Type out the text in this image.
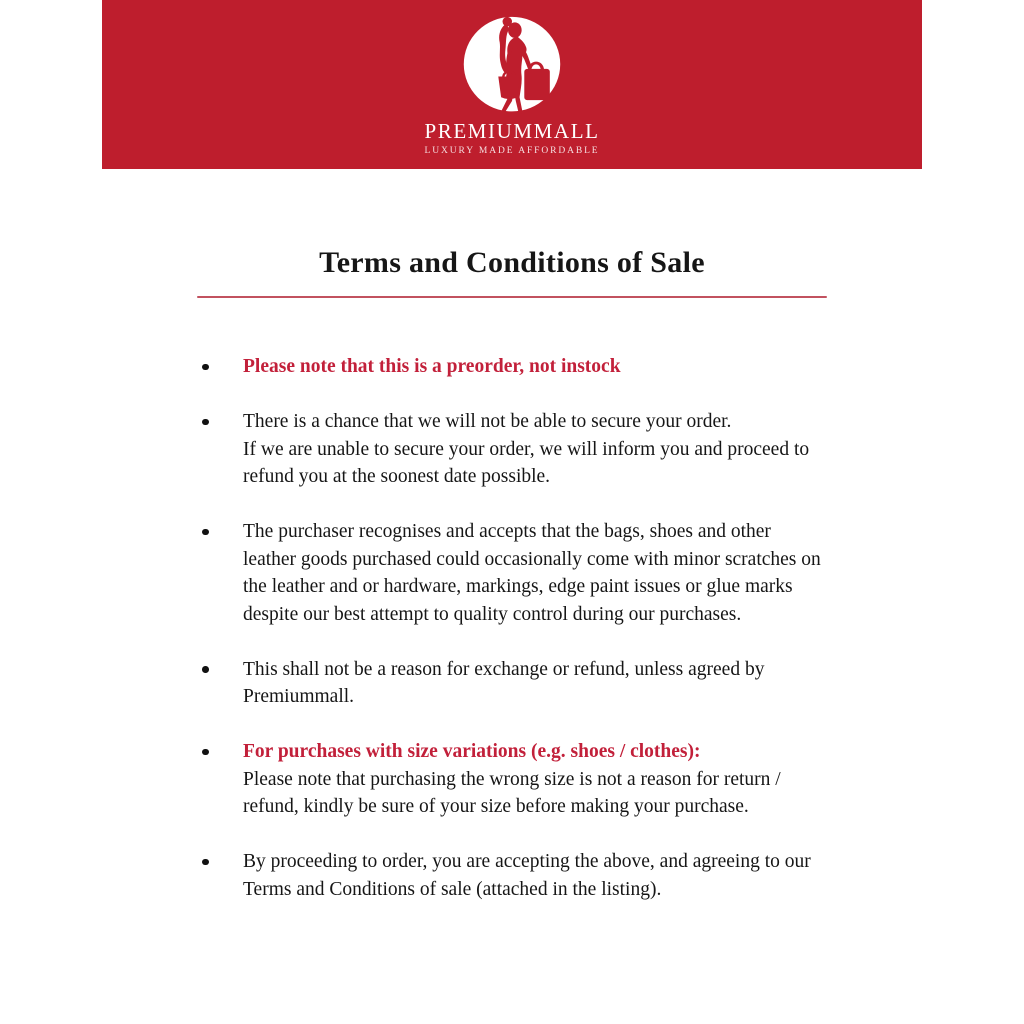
PREMIUMMALL
LUXURY MADE AFFORDABLE
Terms and Conditions of Sale
Please note that this is a preorder, not instock
There is a chance that we will not be able to secure your order.
If we are unable to secure your order, we will inform you and proceed to
refund you at the soonest date possible.
The purchaser recognises and accepts that the bags, shoes and other
leather goods purchased could occasionally come with minor scratches on
the leather and or hardware, markings, edge paint issues or glue marks
despite our best attempt to quality control during our purchases.
This shall not be a reason for exchange or refund, unless agreed by
Premiummall.
For purchases with size variations (e.g. shoes / clothes):
Please note that purchasing the wrong size is not a reason for return /
refund, kindly be sure of your size before making your purchase.
By proceeding to order, you are accepting the above, and agreeing to our
Terms and Conditions of sale (attached in the listing).
